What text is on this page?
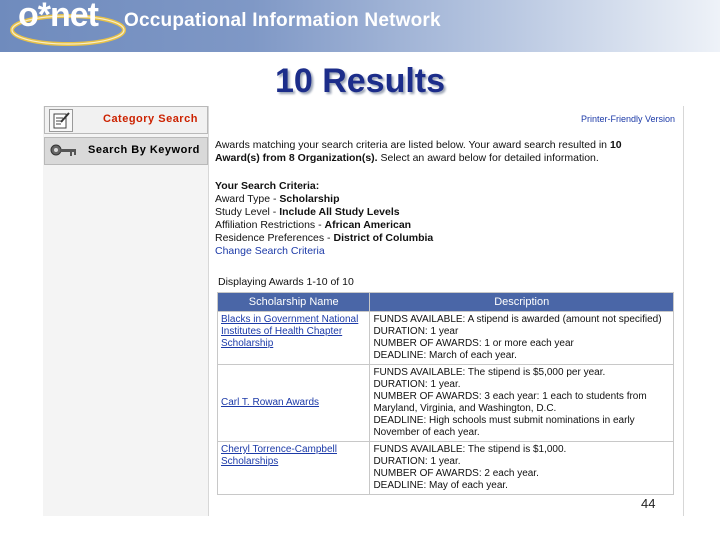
o*net Occupational Information Network
10 Results
Category Search
Search By Keyword
Printer-Friendly Version
Awards matching your search criteria are listed below. Your award search resulted in 10 Award(s) from 8 Organization(s). Select an award below for detailed information.
Your Search Criteria:
Award Type - Scholarship
Study Level - Include All Study Levels
Affiliation Restrictions - African American
Residence Preferences - District of Columbia
Change Search Criteria
Displaying Awards 1-10 of 10
Scholarship Name	Description
Blacks in Government National Institutes of Health Chapter Scholarship	FUNDS AVAILABLE: A stipend is awarded (amount not specified)
DURATION: 1 year
NUMBER OF AWARDS: 1 or more each year
DEADLINE: March of each year.

Carl T. Rowan Awards	FUNDS AVAILABLE: The stipend is $5,000 per year.
DURATION: 1 year.
NUMBER OF AWARDS: 3 each year: 1 each to students from Maryland, Virginia, and Washington, D.C.
DEADLINE: High schools must submit nominations in early November of each year.

Cheryl Torrence-Campbell Scholarships	FUNDS AVAILABLE: The stipend is $1,000.
DURATION: 1 year.
NUMBER OF AWARDS: 2 each year.
DEADLINE: May of each year.
44
